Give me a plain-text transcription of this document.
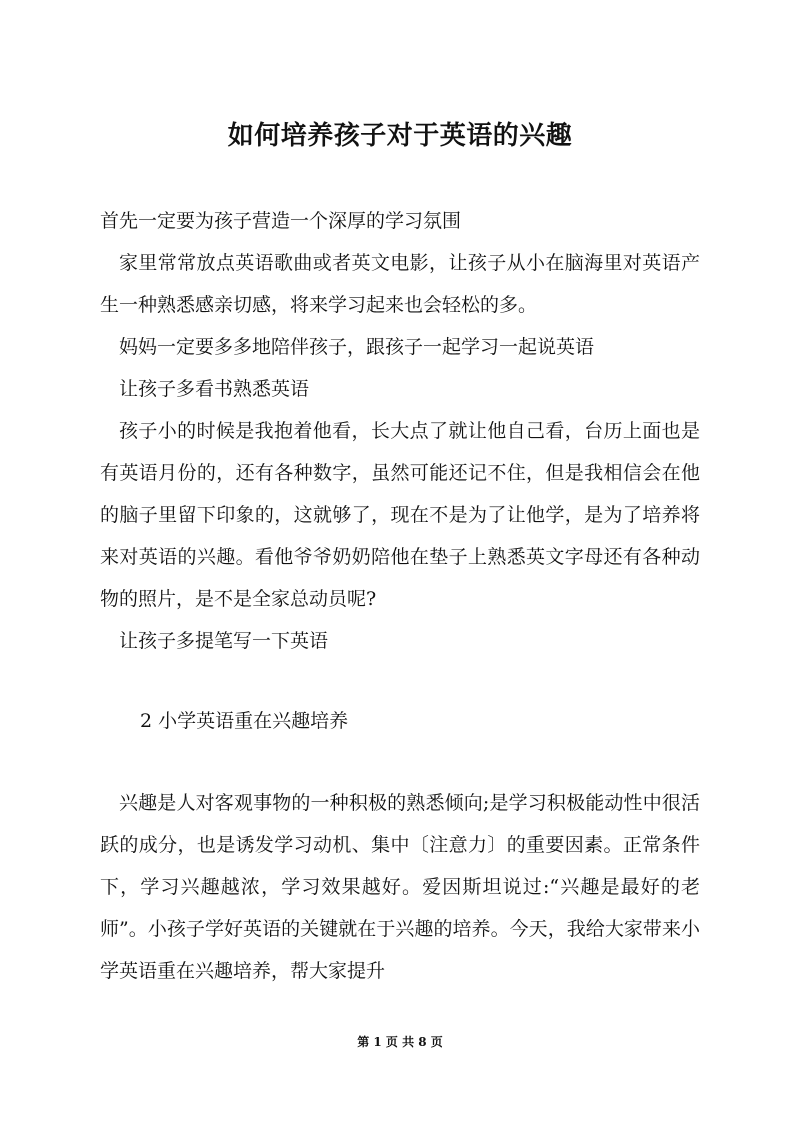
如何培养孩子对于英语的兴趣

首先一定要为孩子营造一个深厚的学习氛围

家里常常放点英语歌曲或者英文电影，让孩子从小在脑海里对英语产生一种熟悉感亲切感，将来学习起来也会轻松的多。

妈妈一定要多多地陪伴孩子，跟孩子一起学习一起说英语

让孩子多看书熟悉英语

孩子小的时候是我抱着他看，长大点了就让他自己看，台历上面也是有英语月份的，还有各种数字，虽然可能还记不住，但是我相信会在他的脑子里留下印象的，这就够了，现在不是为了让他学，是为了培养将来对英语的兴趣。看他爷爷奶奶陪他在垫子上熟悉英文字母还有各种动物的照片，是不是全家总动员呢?

让孩子多提笔写一下英语

2 小学英语重在兴趣培养

兴趣是人对客观事物的一种积极的熟悉倾向;是学习积极能动性中很活跃的成分，也是诱发学习动机、集中〔注意力〕的重要因素。正常条件下，学习兴趣越浓，学习效果越好。爱因斯坦说过:“兴趣是最好的老师”。小孩子学好英语的关键就在于兴趣的培养。今天，我给大家带来小学英语重在兴趣培养，帮大家提升

第 1 页 共 8 页
